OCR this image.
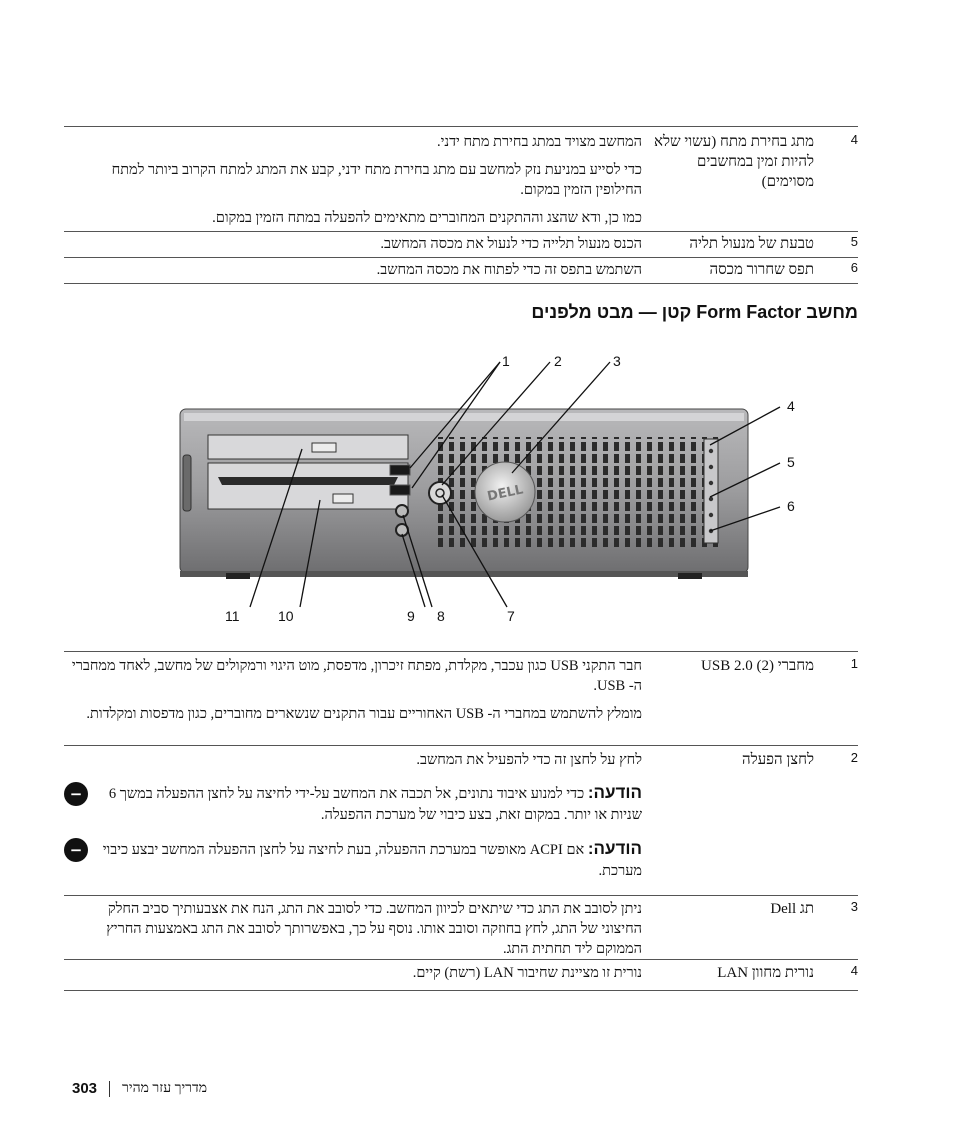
4
מתג בחירת מתח (עשוי שלא להיות זמין במחשבים מסוימים)

המחשב מצויד במתג בחירת מתח ידני.

כדי לסייע במניעת נזק למחשב עם מתג בחירת מתח ידני, קבע את המתג למתח הקרוב ביותר למתח החילופין הזמין במקום.

כמו כן, ודא שהצג וההתקנים המחוברים מתאימים להפעלה במתח הזמין במקום.

5
טבעת של מנעול תליה
הכנס מנעול תלייה כדי לנעול את מכסה המחשב.
6
תפס שחרור מכסה
השתמש בתפס זה כדי לפתוח את מכסה המחשב.
מחשב Form Factor קטן — מבט מלפנים
DELL
1	2	3
4
5
6
7
8
9
10
11
1
מחברי USB 2.0 (2)

חבר התקני USB כגון עכבר, מקלדת, מפתח זיכרון, מדפסת, מוט היגוי ורמקולים של מחשב, לאחד ממחברי ה- USB.

מומלץ להשתמש במחברי ה- USB האחוריים עבור התקנים שנשארים מחוברים, כגון מדפסות ומקלדות.

2
לחצן הפעלה

לחץ על לחצן זה כדי להפעיל את המחשב.

−	הודעה: כדי למנוע איבוד נתונים, אל תכבה את המחשב על-ידי לחיצה על לחצן ההפעלה במשך 6 שניות או יותר. במקום זאת, בצע כיבוי של מערכת ההפעלה.
−	הודעה: אם ACPI מאופשר במערכת ההפעלה, בעת לחיצה על לחצן ההפעלה המחשב יבצע כיבוי מערכת.
3
תג Dell
ניתן לסובב את התג כדי שיתאים לכיוון המחשב. כדי לסובב את התג, הנח את אצבעותיך סביב החלק החיצוני של התג, לחץ בחוזקה וסובב אותו. נוסף על כך, באפשרותך לסובב את התג באמצעות החריץ הממוקם ליד תחתית התג.
4
נורית מחוון LAN
נורית זו מציינת שחיבור LAN (רשת) קיים.
303 מדריך עזר מהיר
